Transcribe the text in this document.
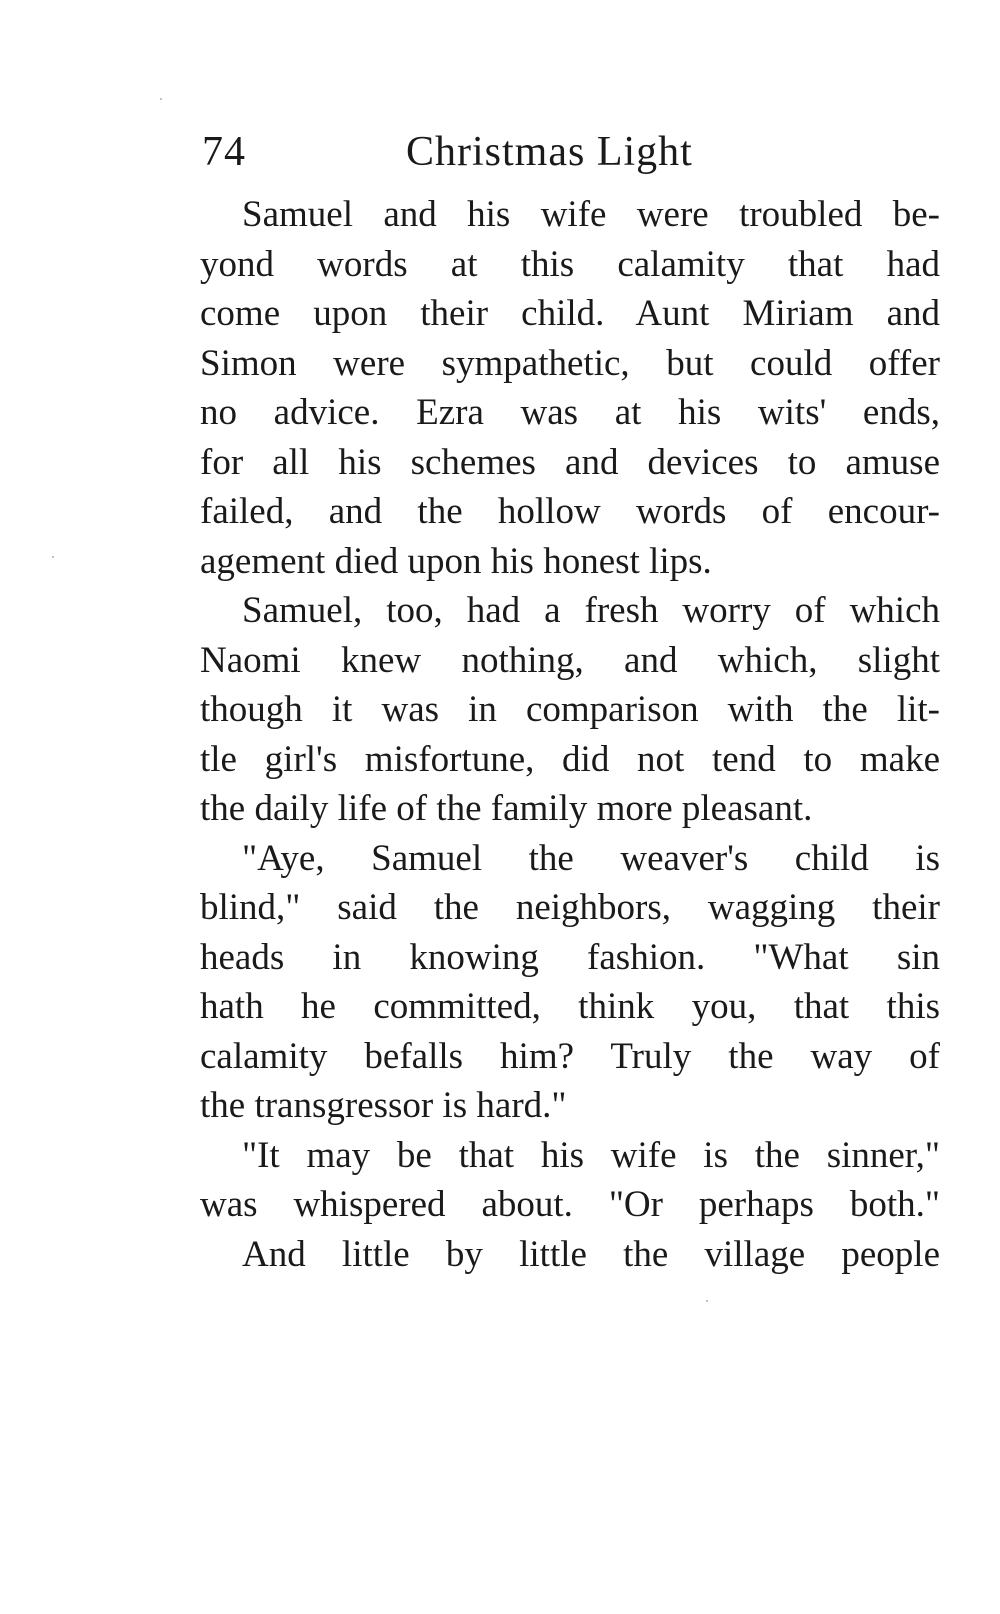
74	Christmas Light
Samuel and his wife were troubled be-
yond words at this calamity that had
come upon their child. Aunt Miriam and
Simon were sympathetic, but could offer
no advice. Ezra was at his wits' ends,
for all his schemes and devices to amuse
failed, and the hollow words of encour-
agement died upon his honest lips.
Samuel, too, had a fresh worry of which
Naomi knew nothing, and which, slight
though it was in comparison with the lit-
tle girl's misfortune, did not tend to make
the daily life of the family more pleasant.
"Aye, Samuel the weaver's child is
blind," said the neighbors, wagging their
heads in knowing fashion. "What sin
hath he committed, think you, that this
calamity befalls him? Truly the way of
the transgressor is hard."
"It may be that his wife is the sinner,"
was whispered about. "Or perhaps both."
And little by little the village people
